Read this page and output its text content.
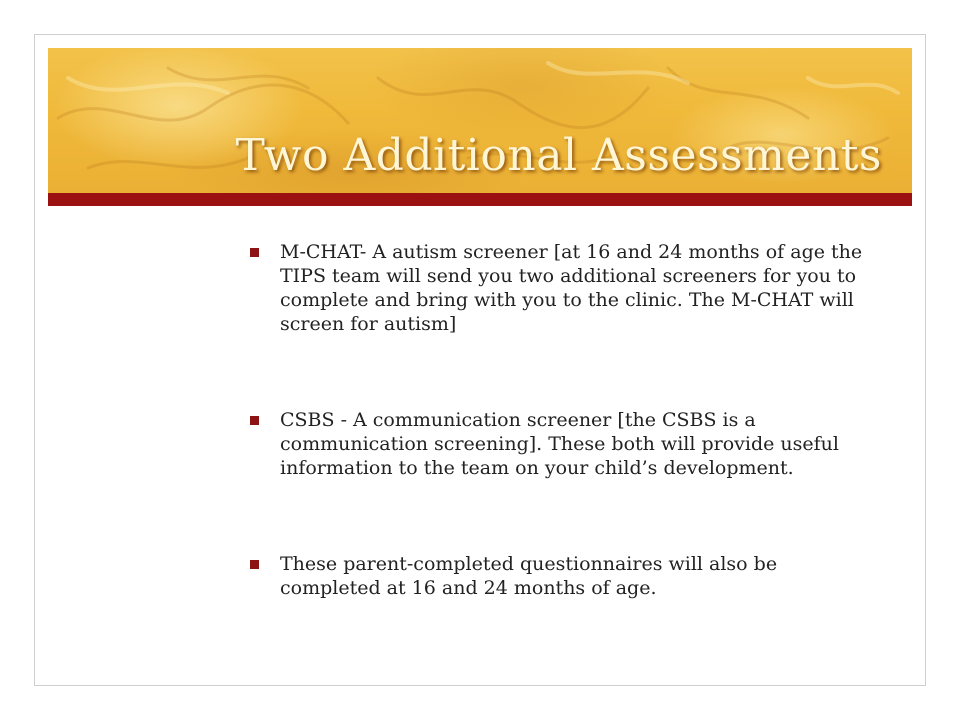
Two Additional Assessments
M-CHAT- A autism screener [at 16 and 24 months of age the TIPS team will send you two additional screeners for you to complete and bring with you to the clinic. The M-CHAT will screen for autism]
CSBS - A communication screener [the CSBS is a communication screening]. These both will provide useful information to the team on your child’s development.
These parent-completed questionnaires will also be completed at 16 and 24 months of age.
